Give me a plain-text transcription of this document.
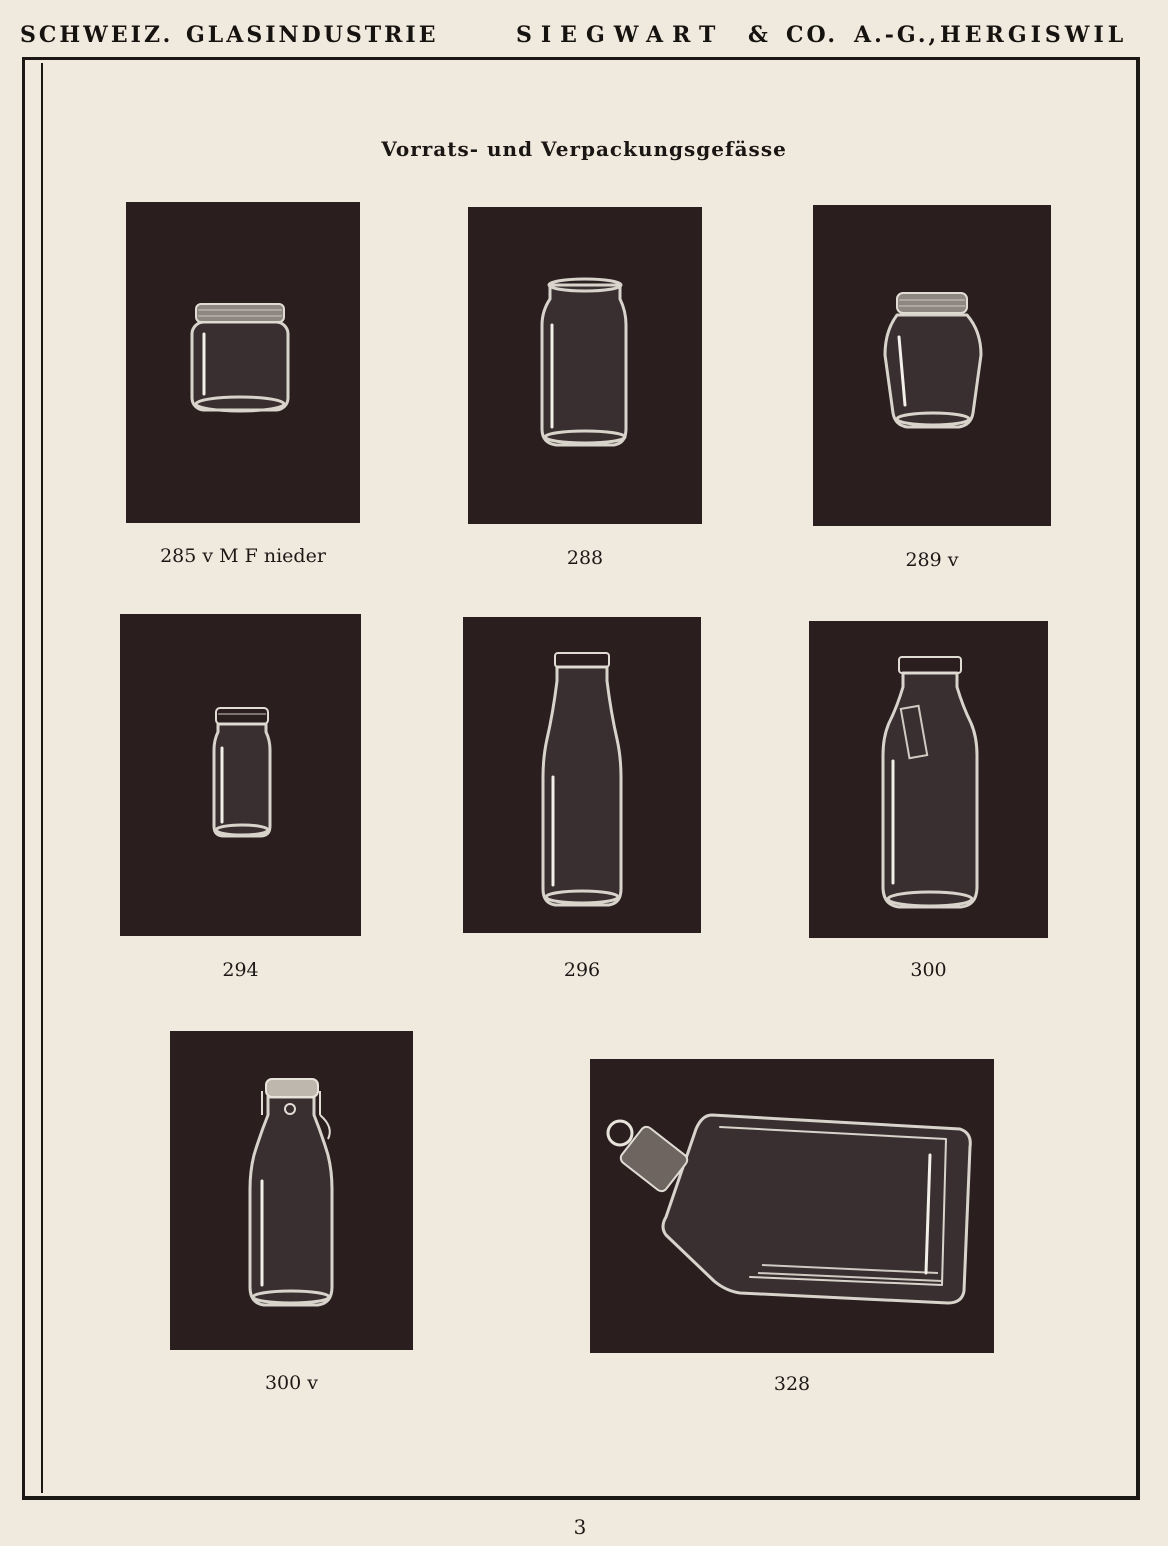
SCHWEIZ. GLASINDUSTRIE	SIEGWART & CO. A.-G., HERGISWIL
Vorrats- und Verpackungsgefässe
285 v M F nieder	288	289 v
294	296	300
300 v	328
3
